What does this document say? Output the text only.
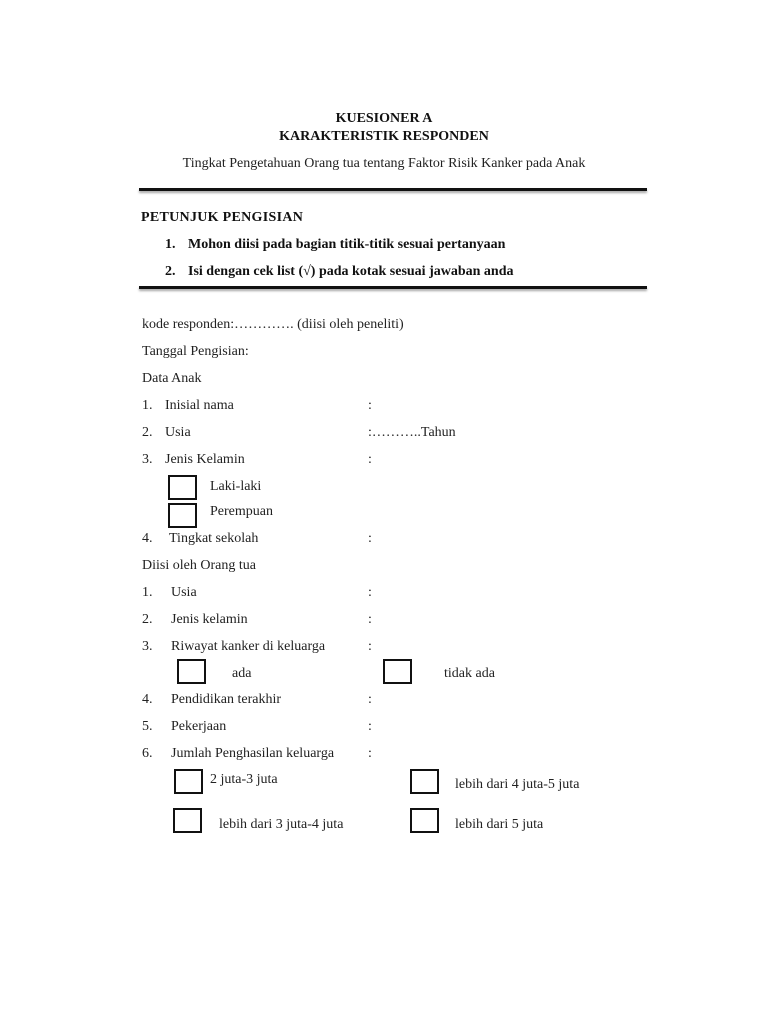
KUESIONER A
KARAKTERISTIK RESPONDEN
Tingkat Pengetahuan Orang tua tentang Faktor Risik Kanker pada Anak
PETUNJUK PENGISIAN
1. Mohon diisi pada bagian titik-titik sesuai pertanyaan
2. Isi dengan cek list (√) pada kotak sesuai jawaban anda
kode responden:…………. (diisi oleh peneliti)
Tanggal Pengisian:
Data Anak
1. Inisial nama	:
2. Usia	:………..Tahun
3. Jenis Kelamin	:
Laki-laki
Perempuan
4. Tingkat sekolah	:
Diisi oleh Orang tua
1. Usia	:
2. Jenis kelamin	:
3. Riwayat kanker di keluarga	:
ada	tidak ada
4. Pendidikan terakhir	:
5. Pekerjaan	:
6. Jumlah Penghasilan keluarga :
2 juta-3 juta	lebih dari 4 juta-5 juta
lebih dari 3 juta-4 juta	lebih dari 5 juta
